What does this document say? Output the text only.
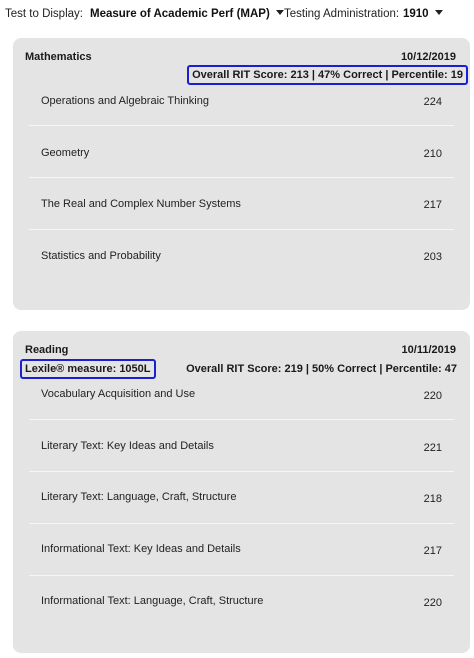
Test to Display: Measure of Academic Perf (MAP)	Testing Administration: 1910
Mathematics	10/12/2019
Overall RIT Score: 213 | 47% Correct | Percentile: 19
Operations and Algebraic Thinking	224
Geometry	210
The Real and Complex Number Systems	217
Statistics and Probability	203
Reading	10/11/2019
Lexile® measure: 1050L	Overall RIT Score: 219 | 50% Correct | Percentile: 47
Vocabulary Acquisition and Use	220
Literary Text: Key Ideas and Details	221
Literary Text: Language, Craft, Structure	218
Informational Text: Key Ideas and Details	217
Informational Text: Language, Craft, Structure	220
